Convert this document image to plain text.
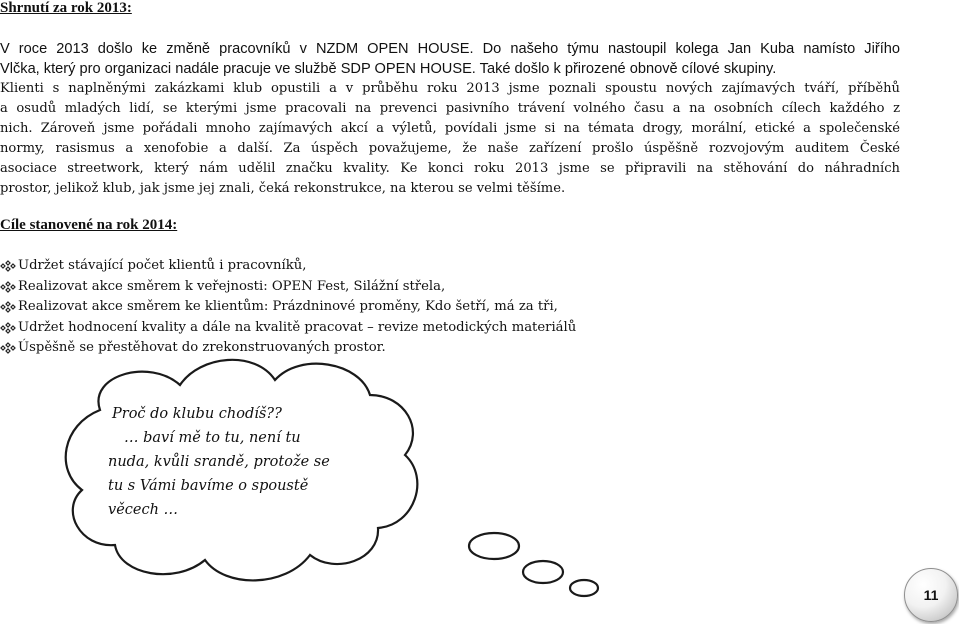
Shrnutí za rok 2013:
V roce 2013 došlo ke změně pracovníků v NZDM OPEN HOUSE. Do našeho týmu nastoupil kolega Jan Kuba namísto Jiřího
Vlčka, který pro organizaci nadále pracuje ve službě SDP OPEN HOUSE. Také došlo k přirozené obnově cílové skupiny.
Klienti s naplněnými zakázkami klub opustili a v průběhu roku 2013 jsme poznali spoustu nových zajímavých tváří, příběhů
a osudů mladých lidí, se kterými jsme pracovali na prevenci pasivního trávení volného času a na osobních cílech každého z
nich. Zároveň jsme pořádali mnoho zajímavých akcí a výletů, povídali jsme si na témata drogy, morální, etické a společenské
normy, rasismus a xenofobie a další. Za úspěch považujeme, že naše zařízení prošlo úspěšně rozvojovým auditem České
asociace streetwork, který nám udělil značku kvality. Ke konci roku 2013 jsme se připravili na stěhování do náhradních
prostor, jelikož klub, jak jsme jej znali, čeká rekonstrukce, na kterou se velmi těšíme.
Cíle stanovené na rok 2014:
Udržet stávající počet klientů i pracovníků,
Realizovat akce směrem k veřejnosti: OPEN Fest, Silážní střela,
Realizovat akce směrem ke klientům: Prázdninové proměny, Kdo šetří, má za tři,
Udržet hodnocení kvality a dále na kvalitě pracovat – revize metodických materiálů
Úspěšně se přestěhovat do zrekonstruovaných prostor.
Proč do klubu chodíš??
… baví mě to tu, není tu
nuda, kvůli srandě, protože se
tu s Vámi bavíme o spoustě
věcech …
11
